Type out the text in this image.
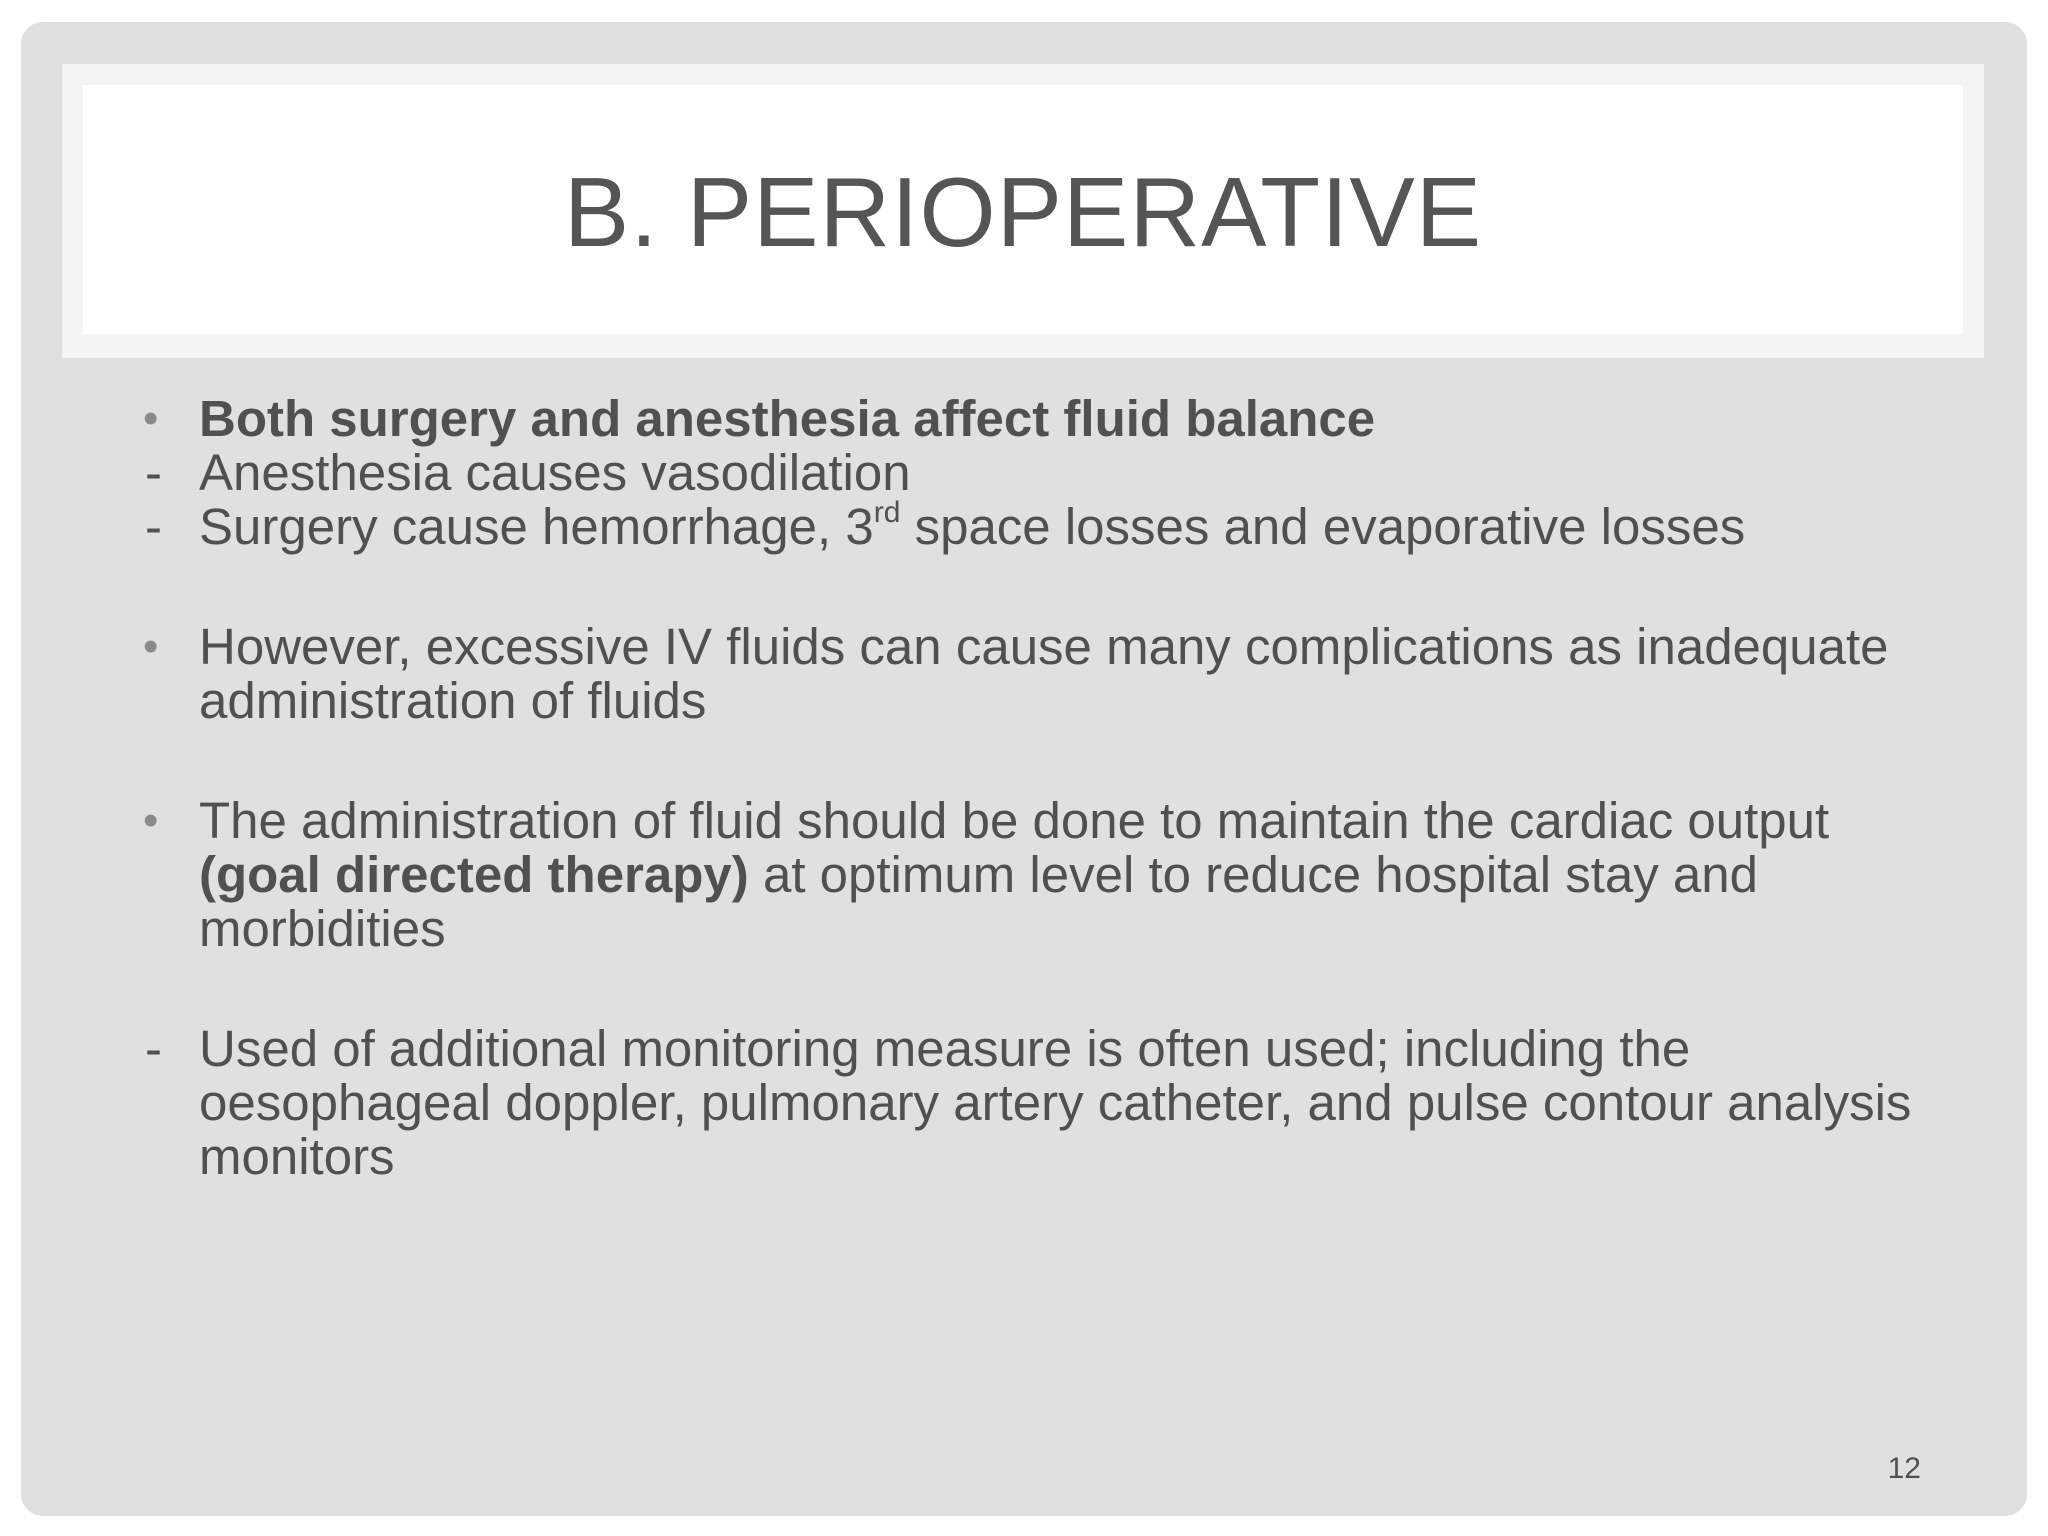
B. PERIOPERATIVE
• Both surgery and anesthesia affect fluid balance
- Anesthesia causes vasodilation
- Surgery cause hemorrhage, 3rd space losses and evaporative losses
• However, excessive IV fluids can cause many complications as inadequate administration of fluids
• The administration of fluid should be done to maintain the cardiac output (goal directed therapy) at optimum level to reduce hospital stay and morbidities
- Used of additional monitoring measure is often used; including the oesophageal doppler, pulmonary artery catheter, and pulse contour analysis monitors
12
